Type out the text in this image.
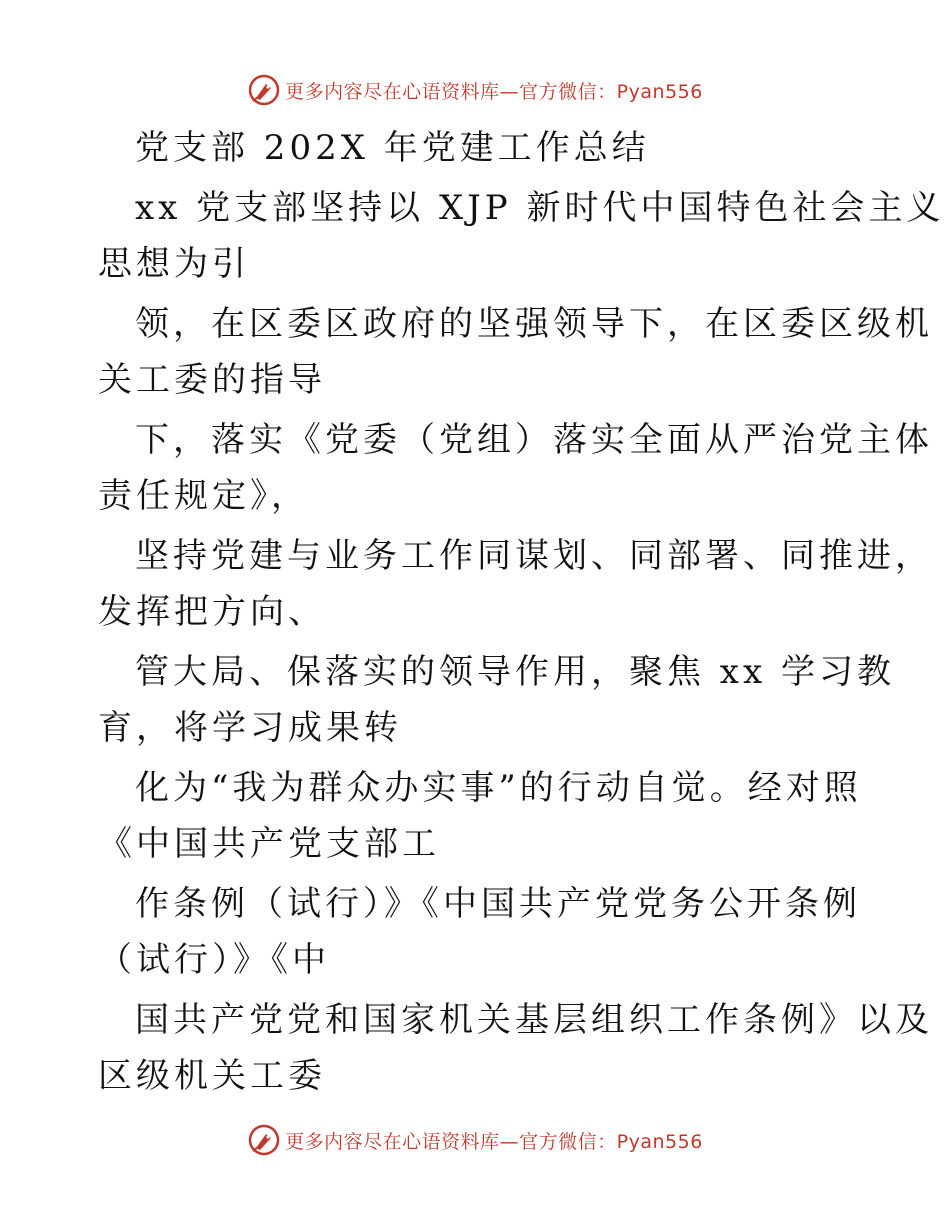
更多内容尽在心语资料库—官方微信：Pyan556
党支部 202X 年党建工作总结
xx 党支部坚持以 XJP 新时代中国特色社会主义
思想为引
领，在区委区政府的坚强领导下，在区委区级机
关工委的指导
下，落实《党委（党组）落实全面从严治党主体
责任规定》，
坚持党建与业务工作同谋划、同部署、同推进，
发挥把方向、
管大局、保落实的领导作用，聚焦 xx 学习教
育，将学习成果转
化为“我为群众办实事”的行动自觉。经对照
《中国共产党支部工
作条例（试行）》《中国共产党党务公开条例
（试行）》《中
国共产党党和国家机关基层组织工作条例》以及
区级机关工委
更多内容尽在心语资料库—官方微信：Pyan556
